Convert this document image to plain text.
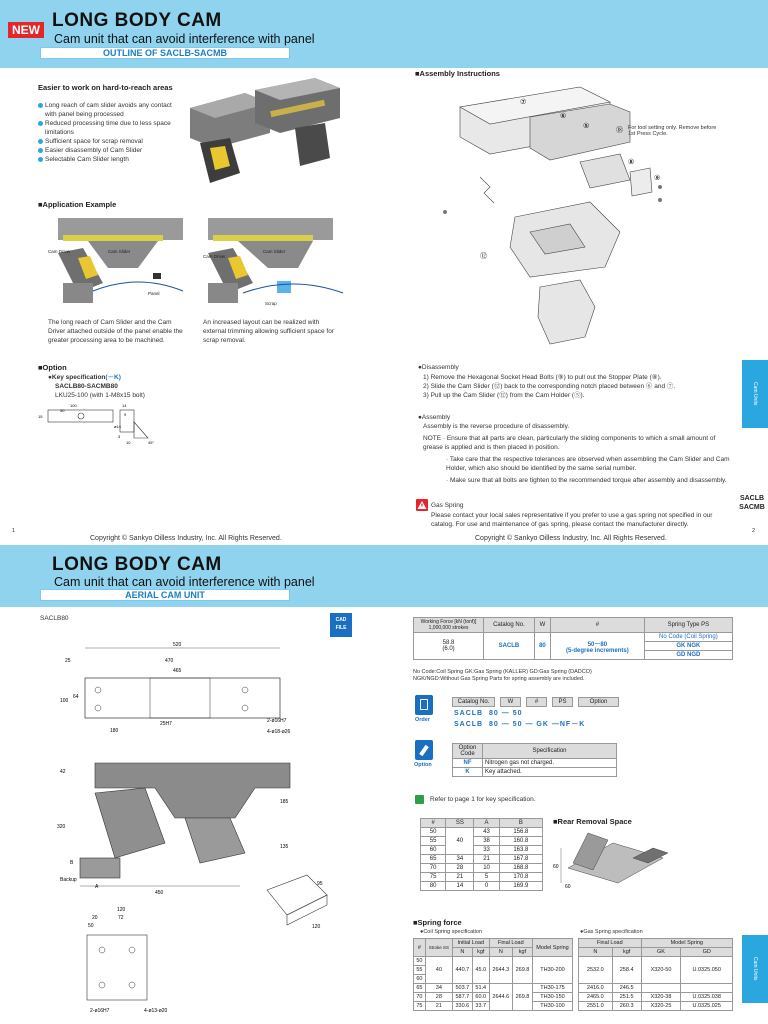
NEW LONG BODY CAM
Cam unit that can avoid interference with panel
OUTLINE OF SACLB-SACMB
Easier to work on hard-to-reach areas
Long reach of cam slider avoids any contact with panel being processed
Reduced processing time due to less space limitations
Sufficient space for scrap removal
Easier disassembly of Cam Slider
Selectable Cam Slider length
■Application Example
Cam Driver	Cam Slider
Panel
Cam Slider
Cam Driver
Scrap
The long reach of Cam Slider and the Cam Driver attached outside of the panel enable the greater processing area to be machined.
An increased layout can be realized with external trimming allowing sufficient space for scrap removal.
■Option
●Key specification(－K)
SACLB80-SACMB80
LKU25-100 (with 1-M8x15 bolt)
100
50
14
9
ø14
15
10
3
45°
■Assembly Instructions
⑦
⑥
⑤	⑱
⑧
⑨
⑫
For tool setting only. Remove before 1st Press Cycle.
●Disassembly
1) Remove the Hexagonal Socket Head Bolts (⑨) to pull out the Stopper Plate (⑧).
2) Slide the Cam Slider (⑫) back to the corresponding notch placed between ⑥ and ⑦.
3) Pull up the Cam Slider (⑫) from the Cam Holder (⑤).
●Assembly
Assembly is the reverse procedure of disassembly.
NOTE · Ensure that all parts are clean, particularly the sliding components to which a small amount of grease is applied and is then placed in position.
· Take care that the respective tolerances are observed when assembling the Cam Slider and Cam Holder, which also should be identified by the same serial number.
· Make sure that all bolts are tighten to the recommended torque after assembly and disassembly.
Gas Spring
Please contact your local sales representative if you prefer to use a gas spring not specified in our catalog. For use and maintenance of gas spring, please contact the manufacturer directly.
Cam Units
SACLB
SACMB
1	2
Copyright © Sankyo Oilless Industry, Inc. All Rights Reserved.	Copyright © Sankyo Oilless Industry, Inc. All Rights Reserved.
LONG BODY CAM
Cam unit that can avoid interference with panel
AERIAL CAM UNIT
SACLB80	CAD
FILE
520
25	470
465
100
64
25H7
180
2-ø16H7
4-ø18-ø26
42
320
185
135
Backup
A
450
B
120
20	72
50
2-ø16H7	4-ø13-ø20
120
95
Working Force [kN (tonf)] 1,000,000 strokes	Catalog No.	W	#	Spring Type PS
58.8
(6.0)	SACLB	80	50～80
(5-degree increments)	No Code (Coil Spring)
				GK NGK
				GD NGD
No Code:Coil Spring GK:Gas Spring (KALLER) GD:Gas Spring (DADCO)
NGK/NGD:Without Gas Spring Parts for spring assembly are included.
Order
Catalog No.		W		#		PS		Option
SACLB 80 — 50
SACLB 80 — 50 — GK —NF－K
Option
Option Code	Specification
NF	Nitrogen gas not charged.
K	Key attached.
Refer to page 1 for key specification.
#	SS	A	B
50	40	43	156.8
55		38	160.8
60		33	163.8
65	34	21	167.8
70	28	10	168.8
75	21	5	170.8
80	14	0	169.9
■Rear Removal Space
60
60
■Spring force
●Coil Spring specification	●Gas Spring specification
#	Stroke SS	Initial Load		Final Load		Model Spring
		N	kgf	N	kgf	
50	40	440.7	45.0	2644.3	269.8	TH30-200
55						
60						
65	34	503.7	51.4	2644.6	269.8	TH30-175
70	28	587.7	60.0			TH30-150
75	21	330.6	33.7			TH30-100
Final Load		Model Spring	
N	kgf	GK	GD
2532.0	258.4	X320-50	U.0325.050
2416.0	246.5		
2465.0	251.5	X320-38	U.0325.038
2551.0	260.3	X320-25	U.0325.025
Cam Units
